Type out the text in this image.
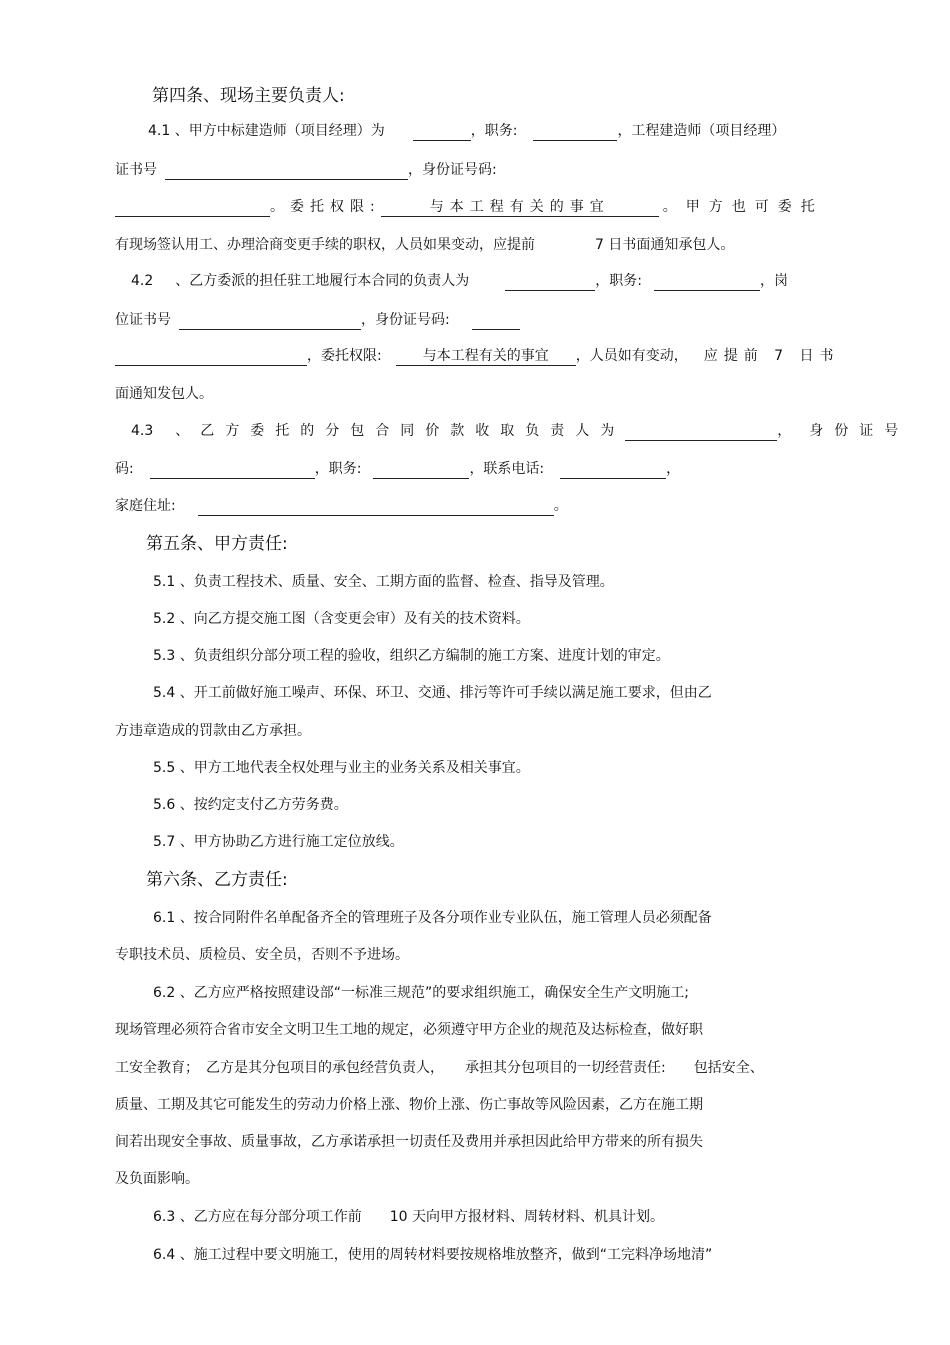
第四条、现场主要负责人:
4.1 、甲方中标建造师（项目经理）为	，职务:	，工程建造师（项目经理）
证书号	，身份证号码:
。委托权限:	与本工程有关的事宜	。甲方也可委托
有现场签认用工、办理洽商变更手续的职权，人员如果变动，应提前	7 日书面通知承包人。
4.2 、乙方委派的担任驻工地履行本合同的负责人为	，职务:	，岗
位证书号	，身份证号码:
，委托权限:	与本工程有关的事宜 ，人员如有变动， 应提前 7 日书
面通知发包人。
4.3 、乙方委托的分包合同价款收取负责人为	， 身份证号
码:	，职务:	，联系电话:	，
家庭住址:	。
第五条、甲方责任:
5.1 、负责工程技术、质量、安全、工期方面的监督、检查、指导及管理。
5.2 、向乙方提交施工图（含变更会审）及有关的技术资料。
5.3 、负责组织分部分项工程的验收，组织乙方编制的施工方案、进度计划的审定。
5.4 、开工前做好施工噪声、环保、环卫、交通、排污等许可手续以满足施工要求，但由乙
方违章造成的罚款由乙方承担。
5.5 、甲方工地代表全权处理与业主的业务关系及相关事宜。
5.6 、按约定支付乙方劳务费。
5.7 、甲方协助乙方进行施工定位放线。
第六条、乙方责任:
6.1 、按合同附件名单配备齐全的管理班子及各分项作业专业队伍，施工管理人员必须配备
专职技术员、质检员、安全员，否则不予进场。
6.2 、乙方应严格按照建设部“一标准三规范”的要求组织施工，确保安全生产文明施工;
现场管理必须符合省市安全文明卫生工地的规定，必须遵守甲方企业的规范及达标检查，做好职
工安全教育；　乙方是其分包项目的承包经营负责人，　　承担其分包项目的一切经营责任:　　包括安全、
质量、工期及其它可能发生的劳动力价格上涨、物价上涨、伤亡事故等风险因素，乙方在施工期
间若出现安全事故、质量事故，乙方承诺承担一切责任及费用并承担因此给甲方带来的所有损失
及负面影响。
6.3 、乙方应在每分部分项工作前　　10 天向甲方报材料、周转材料、机具计划。
6.4 、施工过程中要文明施工，使用的周转材料要按规格堆放整齐，做到“工完料净场地清”
